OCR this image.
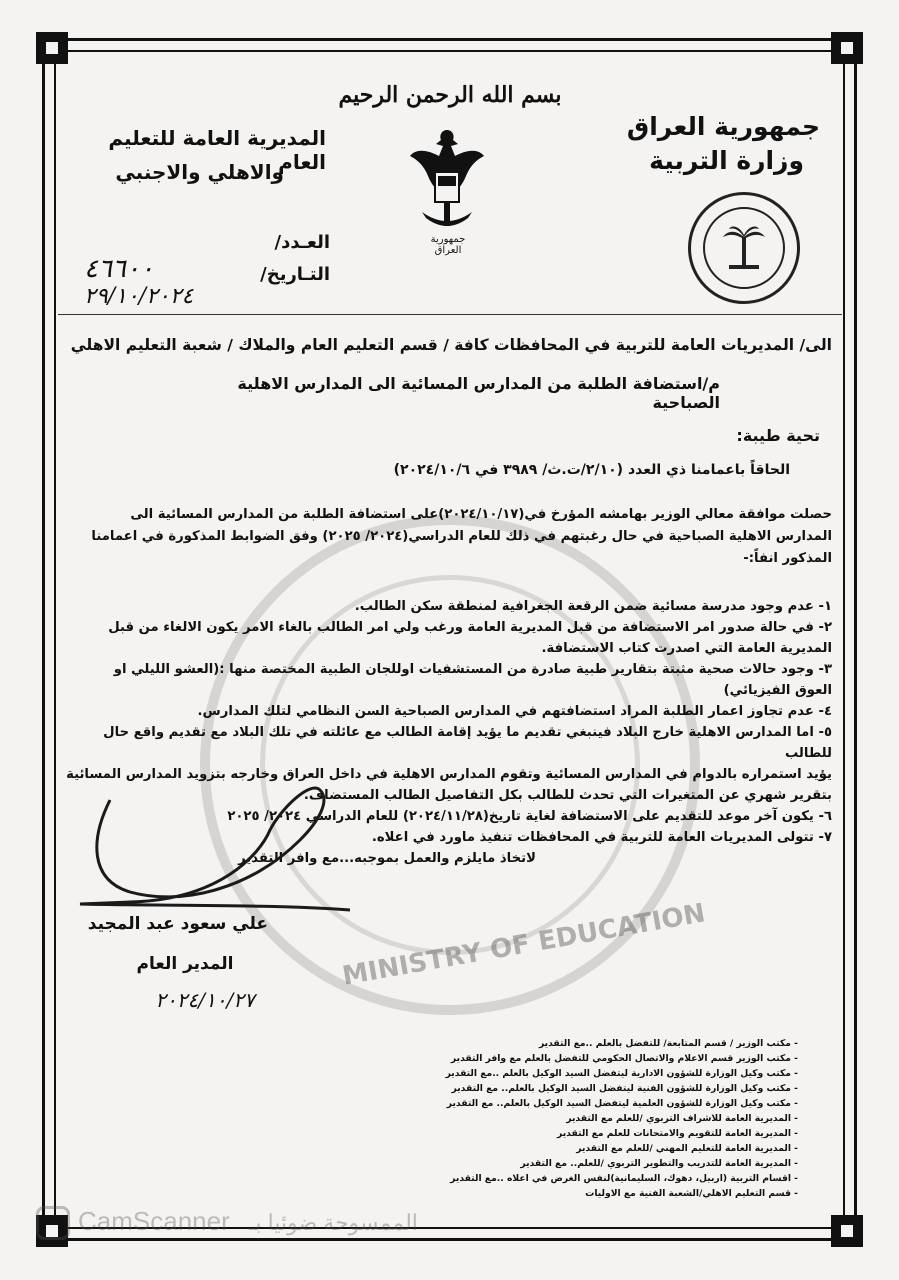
MINISTRY OF EDUCATION
بسم الله الرحمن الرحيم
جمهورية العراق
وزارة التربية
المديرية العامة للتعليم العام
والاهلي والاجنبي
جمهورية العراق
العـدد/
التـاريخ/
٤٦٦٠٠
٢٩/١٠/٢٠٢٤
الى/ المديريات العامة للتربية في المحافظات كافة / قسم التعليم العام والملاك / شعبة التعليم الاهلي
م/استضافة الطلبة من المدارس المسائية الى المدارس الاهلية الصباحية
تحية طيبة:
الحاقاً باعمامنا ذي العدد (٢/١٠/ت.ث/ ٣٩٨٩ في ٢٠٢٤/١٠/٦)
حصلت موافقة معالي الوزير بهامشه المؤرخ في(٢٠٢٤/١٠/١٧)على استضافة الطلبة من المدارس المسائية الى
المدارس الاهلية الصباحية في حال رغبتهم في ذلك للعام الدراسي(٢٠٢٤/ ٢٠٢٥) وفق الضوابط المذكورة في اعمامنا
المذكور انفاً:-
١- عدم وجود مدرسة مسائية ضمن الرقعة الجغرافية لمنطقة سكن الطالب.
٢- في حالة صدور امر الاستضافة من قبل المديرية العامة ورغب ولي امر الطالب بالغاء الامر يكون الالغاء من قبل
المديرية العامة التي اصدرت كتاب الاستضافة.
٣- وجود حالات صحية مثبتة بتقارير طبية صادرة من المستشفيات اوللجان الطبية المختصة منها :(العشو الليلي او
العوق الفيزيائي)
٤- عدم تجاوز اعمار الطلبة المراد استضافتهم في المدارس الصباحية السن النظامي لتلك المدارس.
٥- اما المدارس الاهلية خارج البلاد فينبغي تقديم ما يؤيد إقامة الطالب مع عائلته في تلك البلاد مع تقديم واقع حال للطالب
يؤيد استمراره بالدوام في المدارس المسائية وتقوم المدارس الاهلية في داخل العراق وخارجه بتزويد المدارس المسائية
بتقرير شهري عن المتغيرات التي تحدث للطالب بكل التفاصيل الطالب المستضاف.
٦- يكون آخر موعد للتقديم على الاستضافة لغاية تاريخ(٢٠٢٤/١١/٢٨) للعام الدراسي ٢٠٢٤/ ٢٠٢٥
٧- تتولى المديريات العامة للتربية في المحافظات تنفيذ ماورد في اعلاه.
لاتخاذ مايلزم والعمل بموجبه...مع وافر التقدير
علي سعود عبد المجيد
المدير العام
٢٠٢٤/١٠/٢٧
- مكتب الوزير / قسم المتابعة/ للتفضل بالعلم ..مع التقدير
- مكتب الوزير قسم الاعلام والاتصال الحكومي للتفضل بالعلم مع وافر التقدير
- مكتب وكيل الوزارة للشؤون الادارية ليتفضل السيد الوكيل بالعلم ..مع التقدير
- مكتب وكيل الوزارة للشؤون الفنية ليتفضل السيد الوكيل بالعلم.. مع التقدير
- مكتب وكيل الوزارة للشؤون العلمية ليتفضل السيد الوكيل بالعلم.. مع التقدير
- المديرية العامة للاشراف التربوي /للعلم مع التقدير
- المديرية العامة للتقويم والامتحانات للعلم مع التقدير
- المديرية العامة للتعليم المهني /للعلم مع التقدير
- المديرية العامة للتدريب والتطوير التربوي /للعلم.. مع التقدير
- اقسام التربية (اربيل، دهوك، السليمانية)لنفس الغرض في اعلاه ..مع التقدير
- قسم التعليم الاهلي/الشعبة الفنية مع الاوليات
CamScanner الممسوحة ضوئيا بـ
